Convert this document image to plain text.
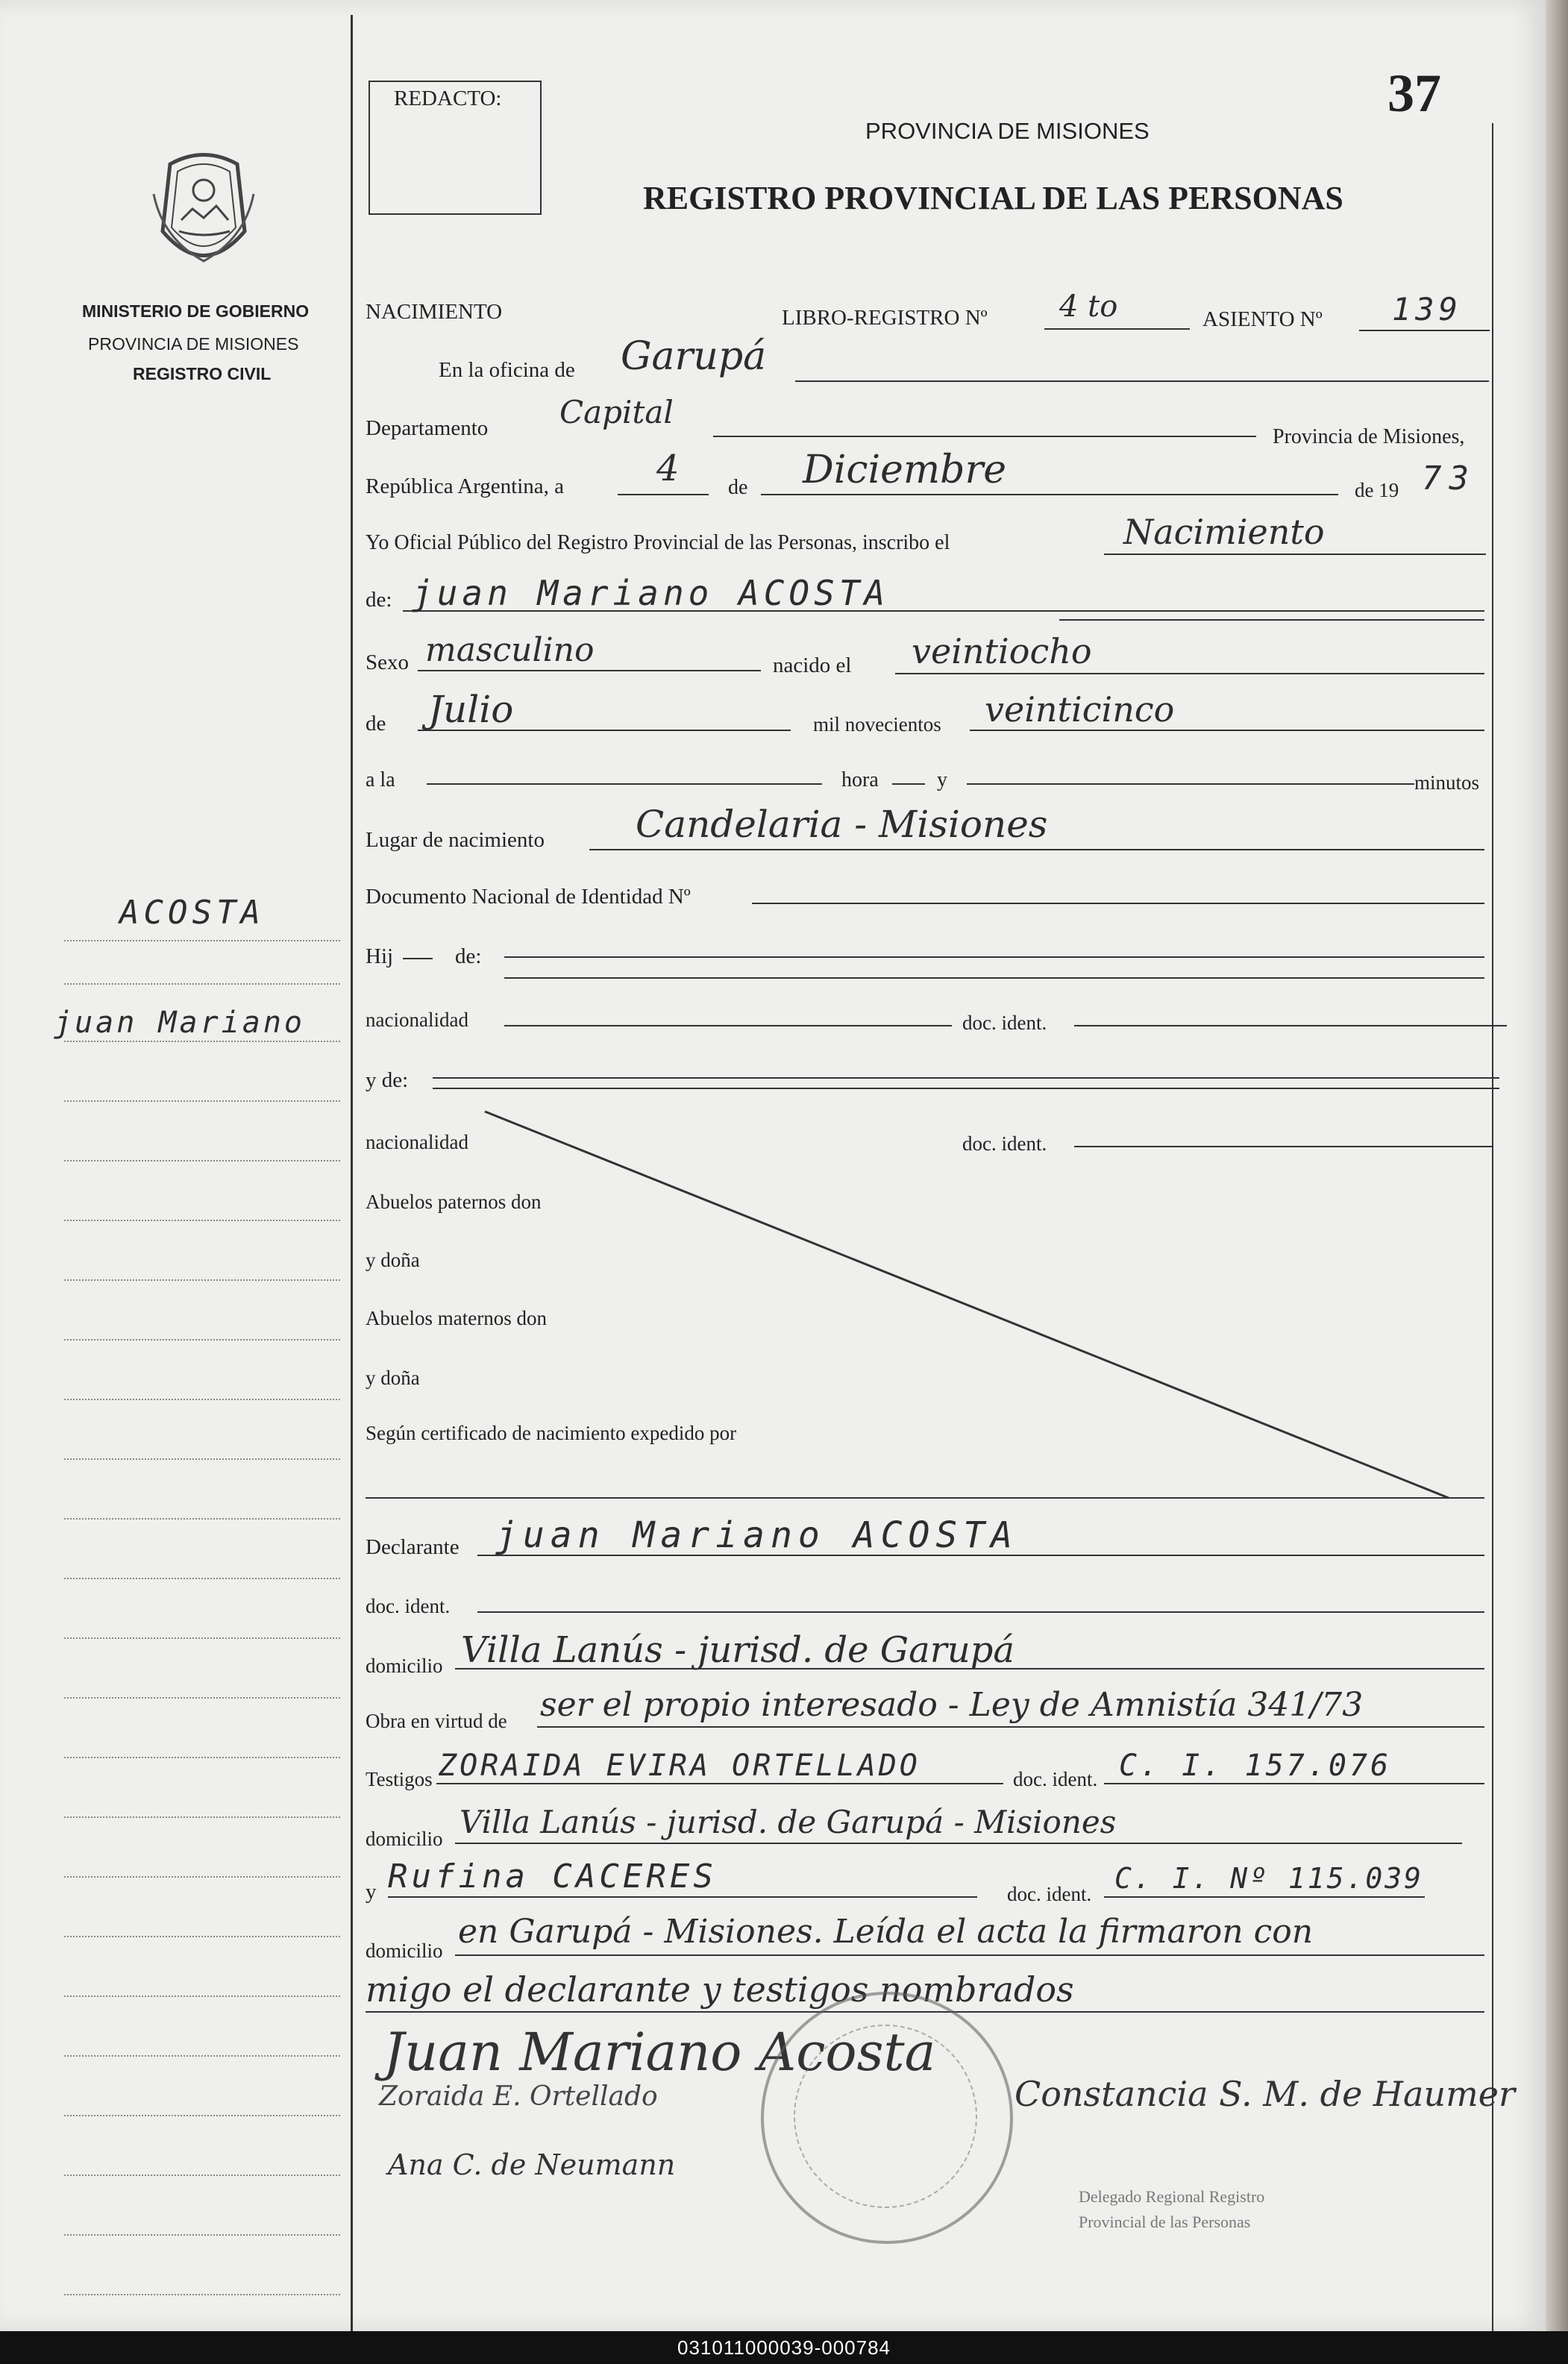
REDACTO:	37
PROVINCIA DE MISIONES
REGISTRO PROVINCIAL DE LAS PERSONAS
MINISTERIO DE GOBIERNO
PROVINCIA DE MISIONES
REGISTRO CIVIL
ACOSTA
juan Mariano
NACIMIENTO	LIBRO-REGISTRO Nº 4 to	ASIENTO Nº 139
En la oficina de Garupá
Departamento Capital
Provincia de Misiones,
República Argentina, a	4 de Diciembre	de 19 73
Yo Oficial Público del Registro Provincial de las Personas, inscribo el	Nacimiento
de: juan Mariano ACOSTA
Sexo masculino	nacido el veintiocho
de Julio	mil novecientos veinticinco
a la	hora	y	minutos
Lugar de nacimiento Candelaria - Misiones
Documento Nacional de Identidad Nº
Hij	de:
nacionalidad	doc. ident.
y de:
nacionalidad	doc. ident.
Abuelos paternos don
y doña
Abuelos maternos don
y doña
Según certificado de nacimiento expedido por
Declarante juan Mariano ACOSTA
doc. ident.
domicilio Villa Lanús - jurisd. de Garupá
Obra en virtud de ser el propio interesado - Ley de Amnistía 341/73
Testigos ZORAIDA EVIRA ORTELLADO	doc. ident. C. I. 157.076
domicilio Villa Lanús - jurisd. de Garupá - Misiones
y Rufina CACERES	doc. ident. C. I. Nº 115.039
domicilio en Garupá - Misiones. Leída el acta la firmaron con
migo el declarante y testigos nombrados
Juan Mariano Acosta
Zoraida E. Ortellado	Constancia S. M. de Haumer
Ana C. de Neumann
Delegado Regional Registro
Provincial de las Personas
031011000039-000784
